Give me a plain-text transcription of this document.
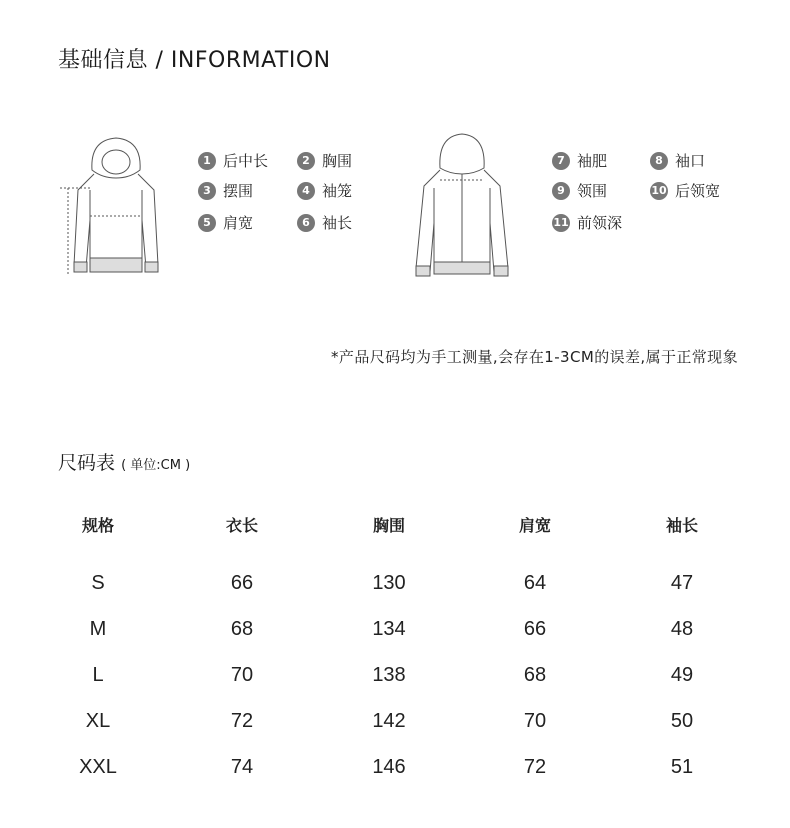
基础信息 / INFORMATION
1 后中长	2 胸围
3 摆围	4 袖笼
5 肩宽	6 袖长
7 袖肥	8 袖口
9 领围	10 后领宽
11 前领深
*产品尺码均为手工测量,会存在1-3CM的误差,属于正常现象
尺码表 ( 单位:CM )
规格	衣长	胸围	肩宽	袖长
S	66	130	64	47
M	68	134	66	48
L	70	138	68	49
XL	72	142	70	50
XXL	74	146	72	51
